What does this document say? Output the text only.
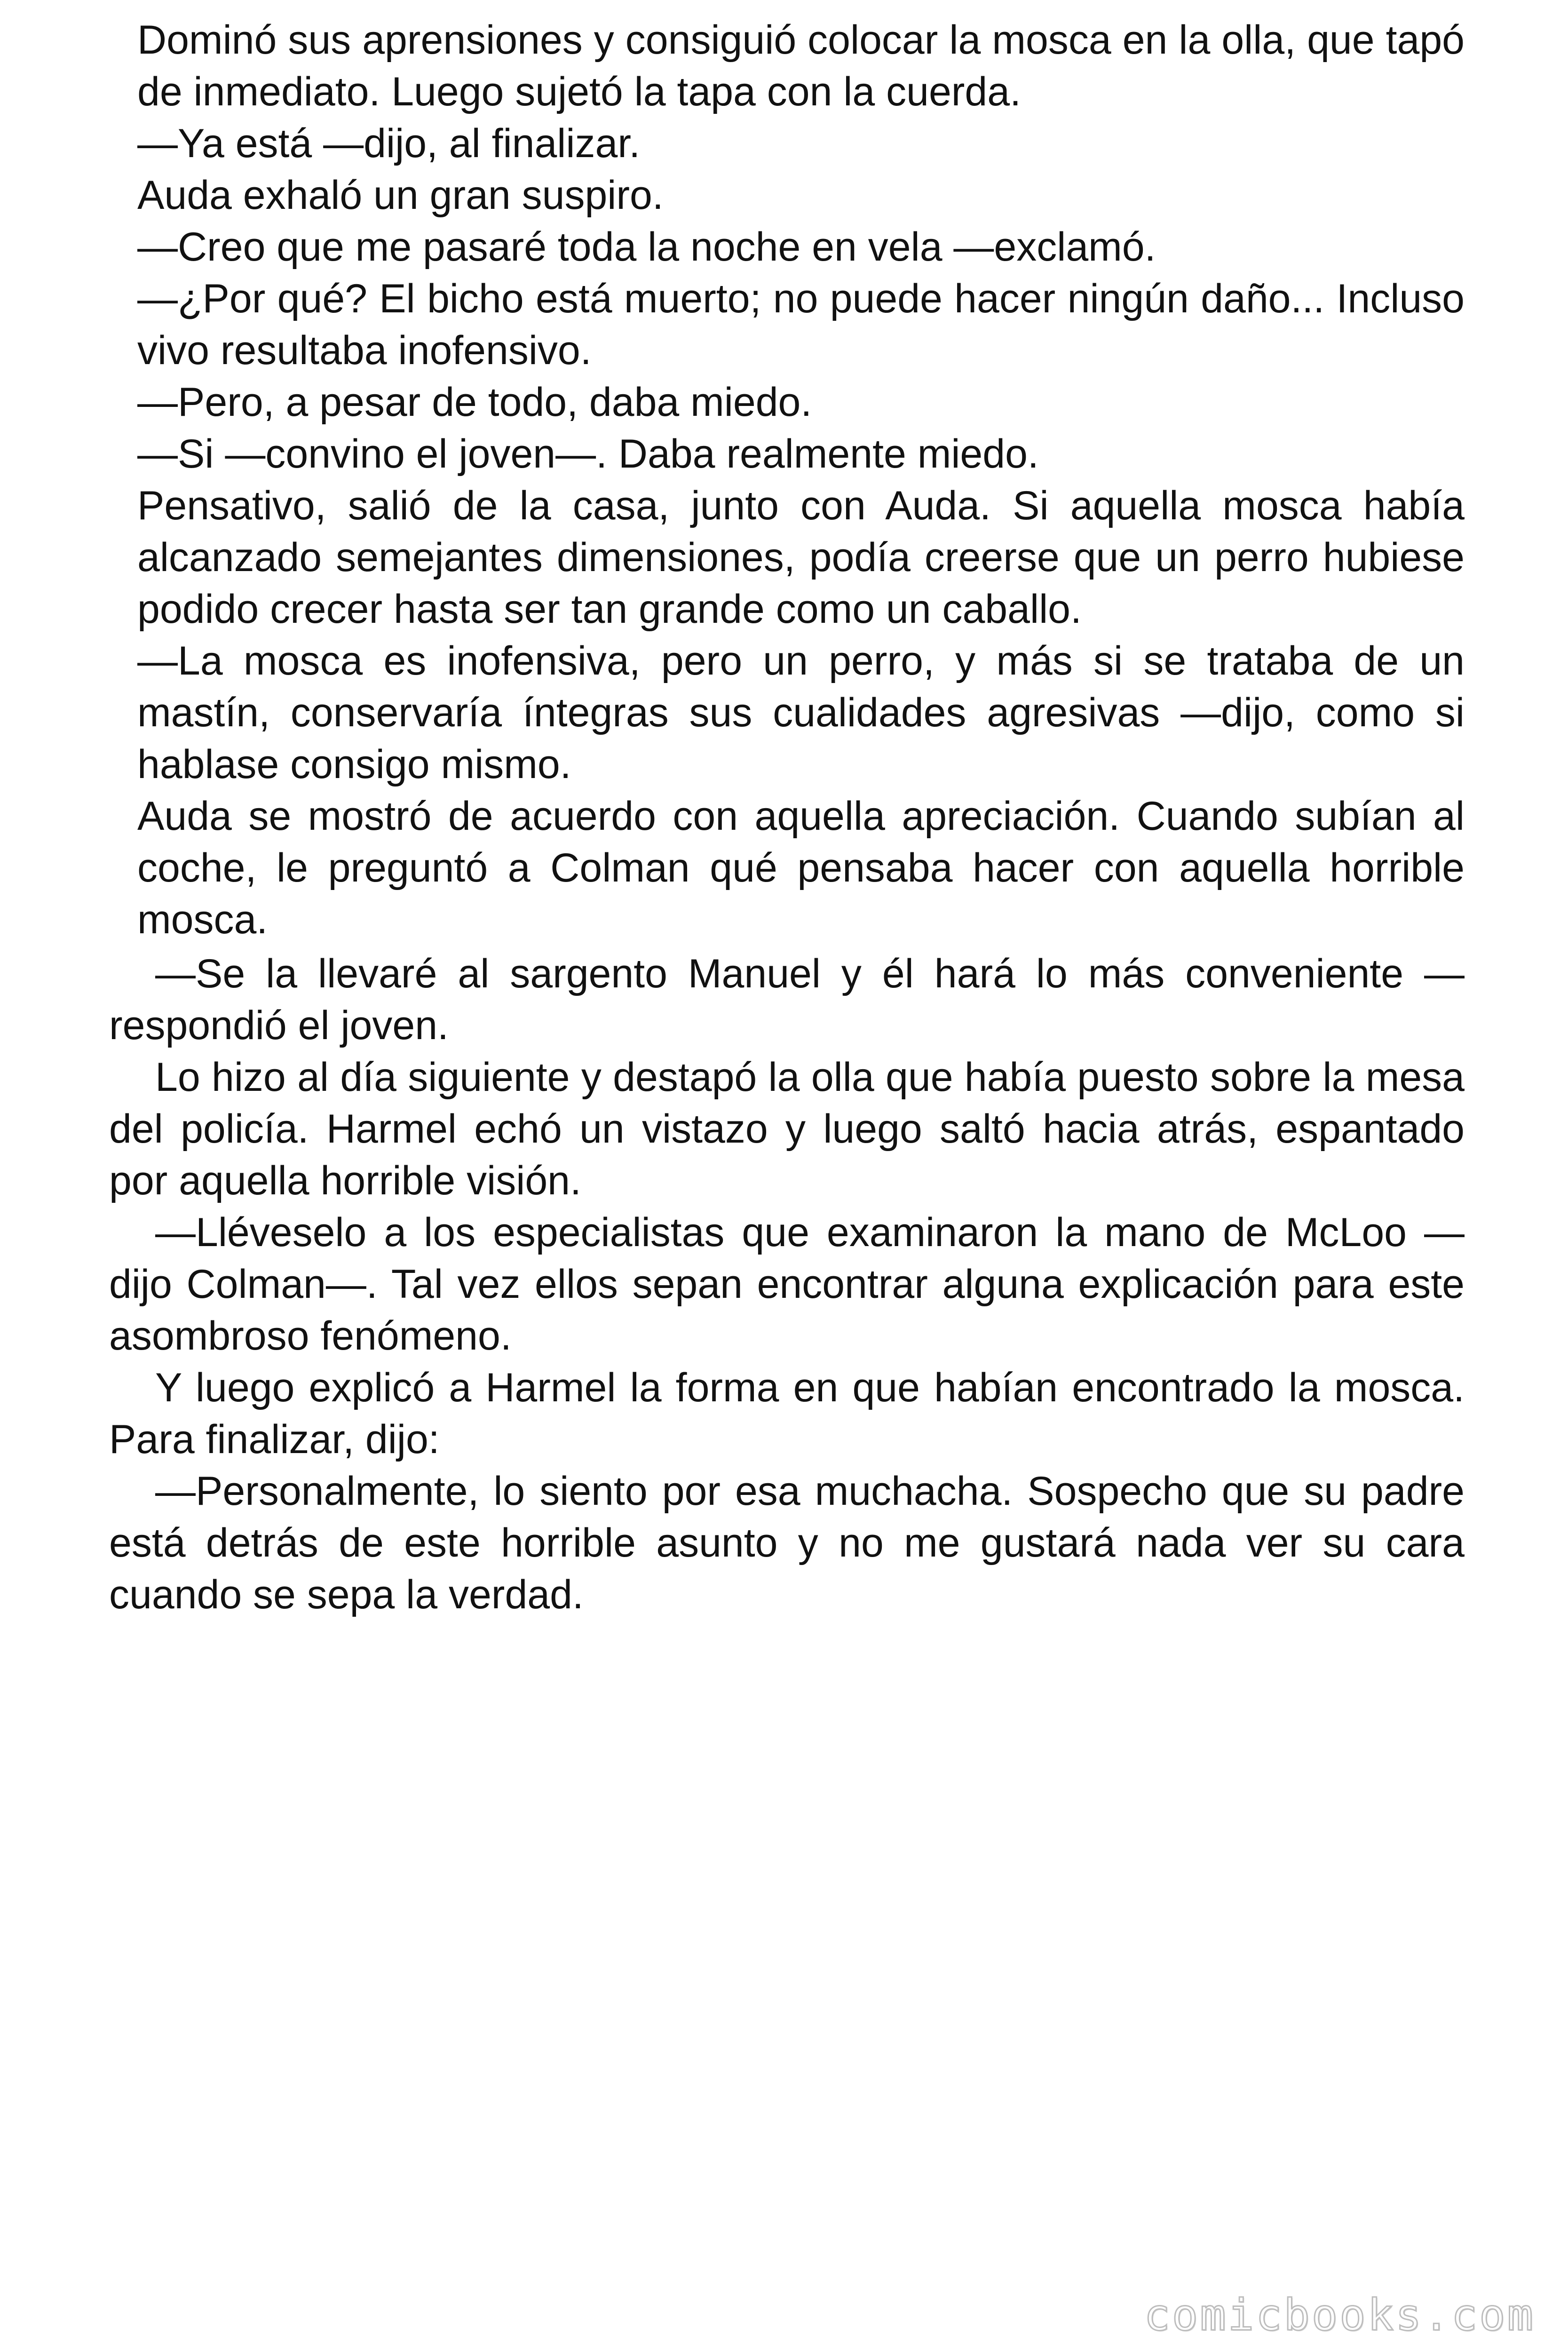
Dominó sus aprensiones y consiguió colocar la mosca en la olla, que tapó de inmediato. Luego sujetó la tapa con la cuerda.

—Ya está —dijo, al finalizar.

Auda exhaló un gran suspiro.

—Creo que me pasaré toda la noche en vela —exclamó.

—¿Por qué? El bicho está muerto; no puede hacer ningún daño... Incluso vivo resultaba inofensivo.

—Pero, a pesar de todo, daba miedo.

—Si —convino el joven—. Daba realmente miedo.

Pensativo, salió de la casa, junto con Auda. Si aquella mosca había alcanzado semejantes dimensiones, podía creerse que un perro hubiese podido crecer hasta ser tan grande como un caballo.

—La mosca es inofensiva, pero un perro, y más si se trataba de un mastín, conservaría íntegras sus cualidades agresivas —dijo, como si hablase consigo mismo.

Auda se mostró de acuerdo con aquella apreciación. Cuando subían al coche, le preguntó a Colman qué pensaba hacer con aquella horrible mosca.

—Se la llevaré al sargento Manuel y él hará lo más conveniente —respondió el joven.

Lo hizo al día siguiente y destapó la olla que había puesto sobre la mesa del policía. Harmel echó un vistazo y luego saltó hacia atrás, espantado por aquella horrible visión.

—Lléveselo a los especialistas que examinaron la mano de McLoo —dijo Colman—. Tal vez ellos sepan encontrar alguna explicación para este asombroso fenómeno.

Y luego explicó a Harmel la forma en que habían encontrado la mosca. Para finalizar, dijo:

—Personalmente, lo siento por esa muchacha. Sospecho que su padre está detrás de este horrible asunto y no me gustará nada ver su cara cuando se sepa la verdad.

comicbooks.com
